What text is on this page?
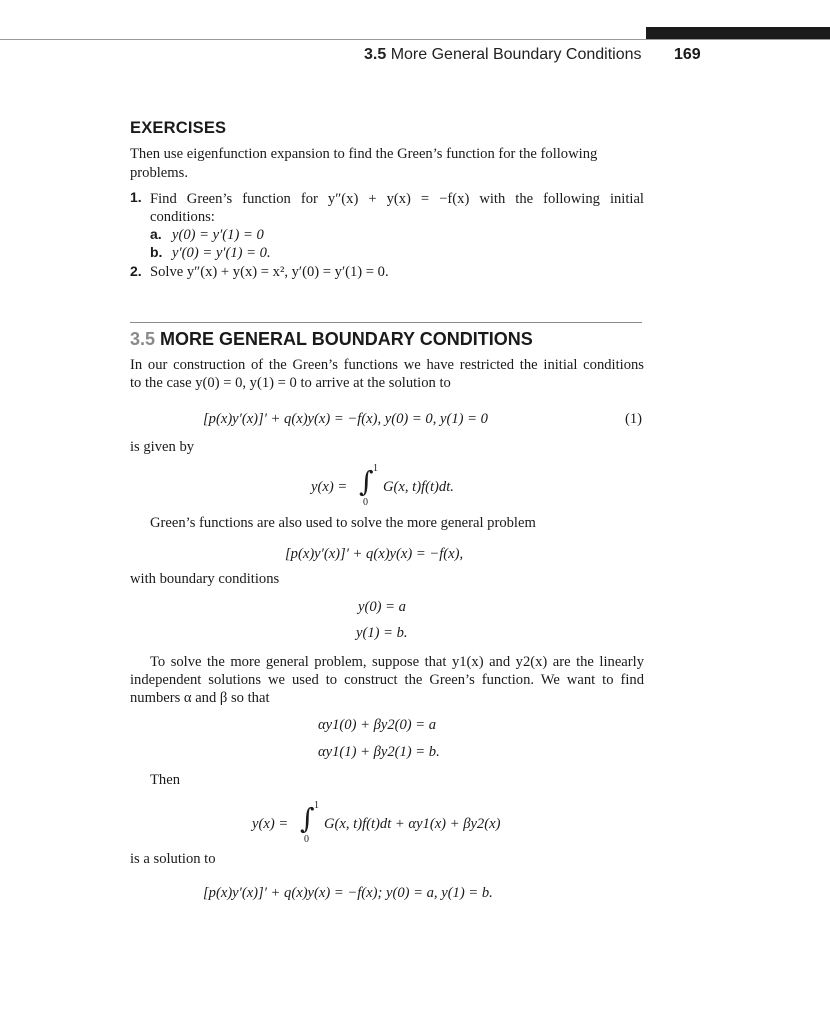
3.5 More General Boundary Conditions 169
EXERCISES
Then use eigenfunction expansion to find the Green’s function for the following problems.
1. Find Green’s function for y″(x) + y(x) = −f(x) with the following initial
conditions:
a. y(0) = y′(1) = 0
b. y′(0) = y′(1) = 0.
2. Solve y″(x) + y(x) = x², y′(0) = y′(1) = 0.
3.5 MORE GENERAL BOUNDARY CONDITIONS
In our construction of the Green’s functions we have restricted the initial conditions
to the case y(0) = 0, y(1) = 0 to arrive at the solution to
[p(x)y′(x)]′ + q(x)y(x) = −f(x), y(0) = 0, y(1) = 0	(1)
is given by
y(x) = ∫ 1
0
G(x, t)f(t)dt.
Green’s functions are also used to solve the more general problem
[p(x)y′(x)]′ + q(x)y(x) = −f(x),
with boundary conditions
y(0) = a
y(1) = b.
To solve the more general problem, suppose that y1(x) and y2(x) are the linearly
independent solutions we used to construct the Green’s function. We want to find
numbers α and β so that
αy1(0) + βy2(0) = a
αy1(1) + βy2(1) = b.
Then
y(x) = ∫ 1
0
G(x, t)f(t)dt + αy1(x) + βy2(x)
is a solution to
[p(x)y′(x)]′ + q(x)y(x) = −f(x); y(0) = a, y(1) = b.
